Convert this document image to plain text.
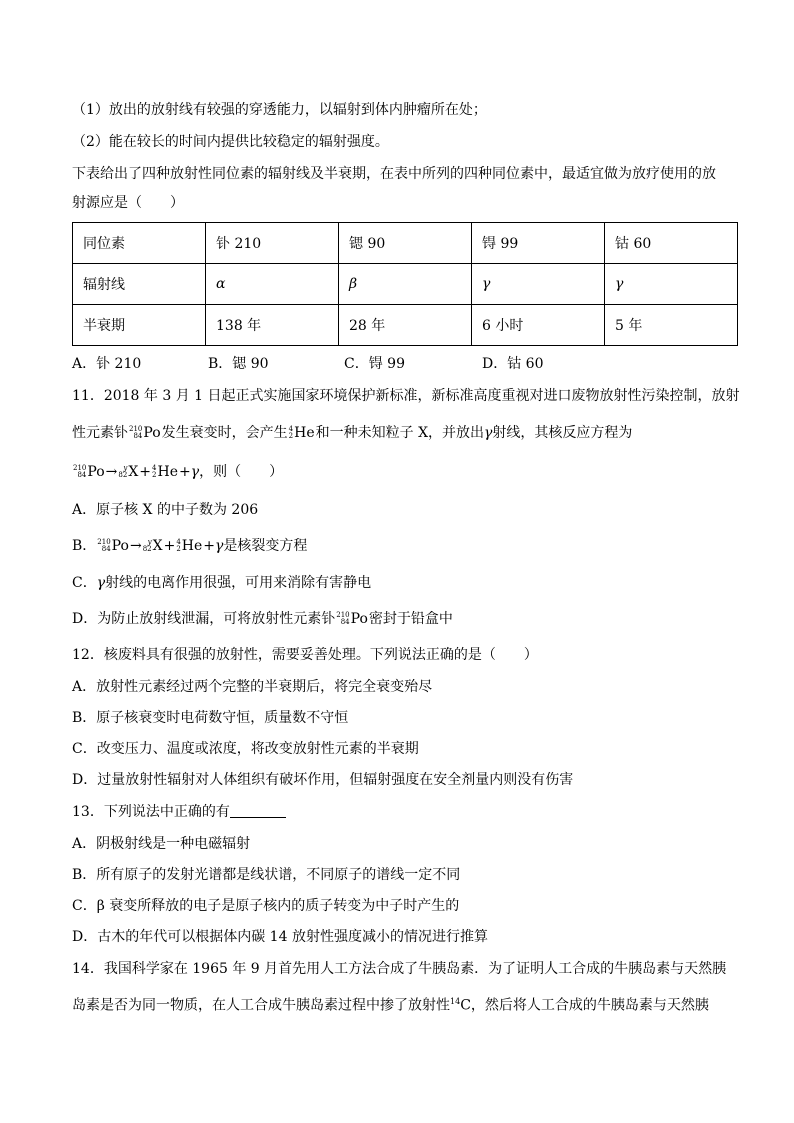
（1）放出的放射线有较强的穿透能力，以辐射到体内肿瘤所在处；
（2）能在较长的时间内提供比较稳定的辐射强度。
下表给出了四种放射性同位素的辐射线及半衰期，在表中所列的四种同位素中，最适宜做为放疗使用的放
射源应是（　　）
同位素	钋 210	锶 90	锝 99	钴 60
辐射线	α	β	γ	γ
半衰期	138 年	28 年	6 小时	5 年
A．钋 210	B．锶 90	C．锝 99	D．钴 60
11．2018 年 3 月 1 日起正式实施国家环境保护新标准，新标准高度重视对进口废物放射性污染控制，放射
性元素钋 210
84 Po 发生衰变时，会产生 4
2 He 和一种未知粒子 X，并放出γ射线，其核反应方程为
210
84 Po → y
82 X + 4
2 He +γ，则（　　）
A．原子核 X 的中子数为 206
B． 210
84 Po → y
82 X + 4
2 He +γ是核裂变方程
C．γ射线的电离作用很强，可用来消除有害静电
D．为防止放射线泄漏，可将放射性元素钋 210
84 Po 密封于铅盒中
12．核废料具有很强的放射性，需要妥善处理。下列说法正确的是（　　）
A．放射性元素经过两个完整的半衰期后，将完全衰变殆尽
B．原子核衰变时电荷数守恒，质量数不守恒
C．改变压力、温度或浓度，将改变放射性元素的半衰期
D．过量放射性辐射对人体组织有破坏作用，但辐射强度在安全剂量内则没有伤害
13．下列说法中正确的有
A．阴极射线是一种电磁辐射
B．所有原子的发射光谱都是线状谱，不同原子的谱线一定不同
C．β 衰变所释放的电子是原子核内的质子转变为中子时产生的
D．古木的年代可以根据体内碳 14 放射性强度减小的情况进行推算
14．我国科学家在 1965 年 9 月首先用人工方法合成了牛胰岛素．为了证明人工合成的牛胰岛素与天然胰
岛素是否为同一物质，在人工合成牛胰岛素过程中掺了放射性$^{14}$C，然后将人工合成的牛胰岛素与天然胰
